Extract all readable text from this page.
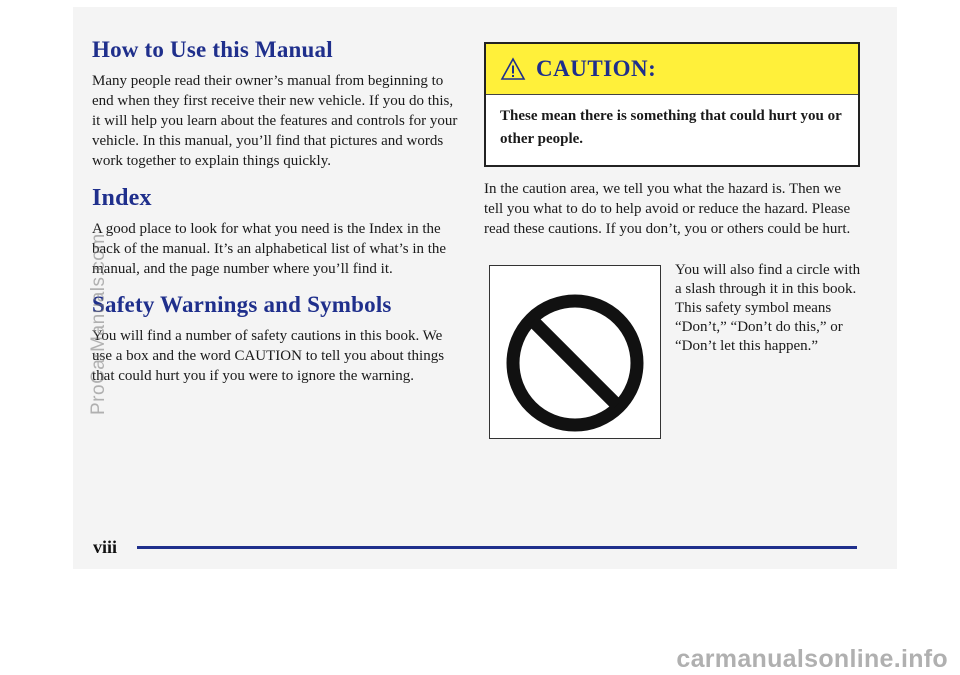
How to Use this Manual

Many people read their owner’s manual from beginning to end when they first receive their new vehicle. If you do this, it will help you learn about the features and controls for your vehicle. In this manual, you’ll find that pictures and words work together to explain things quickly.

Index

A good place to look for what you need is the Index in the back of the manual. It’s an alphabetical list of what’s in the manual, and the page number where you’ll find it.

Safety Warnings and Symbols

You will find a number of safety cautions in this book. We use a box and the word CAUTION to tell you about things that could hurt you if you were to ignore the warning.

CAUTION:
These mean there is something that could hurt you or other people.

In the caution area, we tell you what the hazard is. Then we tell you what to do to help avoid or reduce the hazard. Please read these cautions. If you don’t, you or others could be hurt.

You will also find a circle with a slash through it in this book. This safety symbol means “Don’t,” “Don’t do this,” or “Don’t let this happen.”

viii
ProCarManuals.com
carmanualsonline.info
